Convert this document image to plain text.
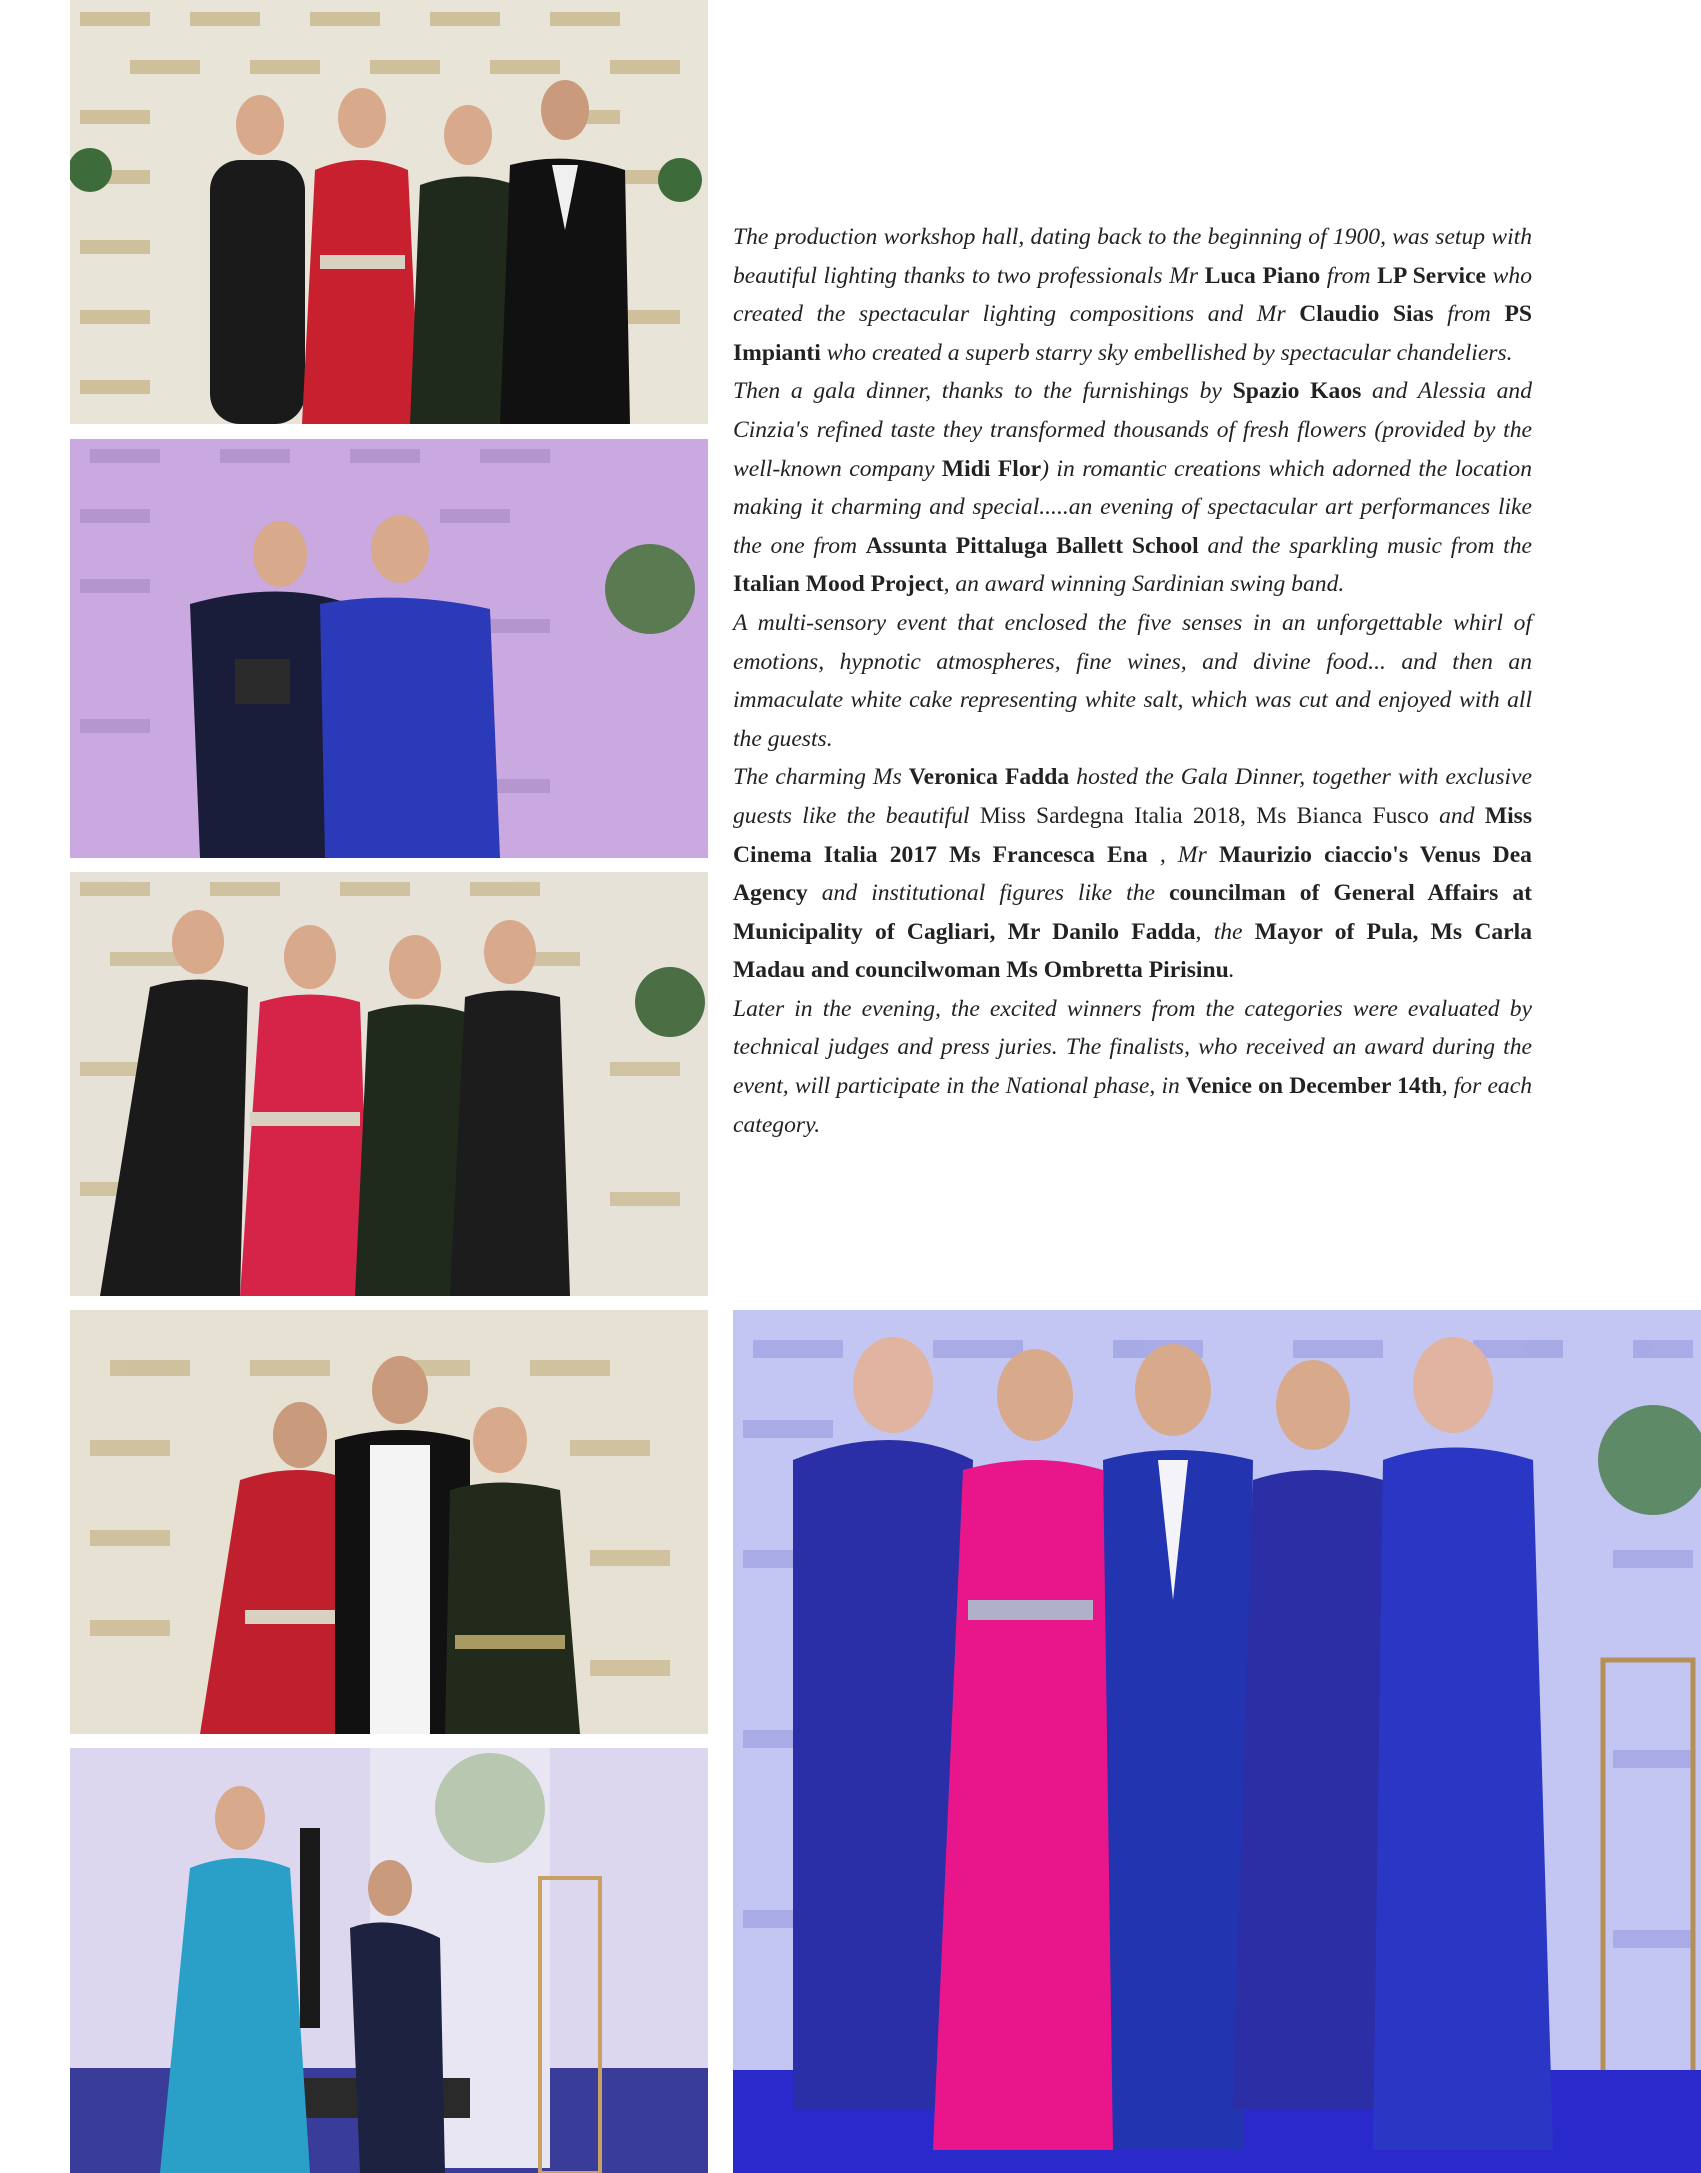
The production workshop hall, dating back to the beginning of 1900, was setup with beautiful lighting thanks to two professionals Mr Luca Piano from LP Service who created the spectacular lighting compositions and Mr Claudio Sias from PS Impianti who created a superb starry sky embellished by spectacular chandeliers.

Then a gala dinner, thanks to the furnishings by Spazio Kaos and Alessia and Cinzia's refined taste they transformed thousands of fresh flowers (provided by the well-known company Midi Flor) in romantic creations which adorned the location making it charming and special.....an evening of spectacular art performances like the one from Assunta Pittaluga Ballett School and the sparkling music from the Italian Mood Project, an award winning Sardinian swing band.

A multi-sensory event that enclosed the five senses in an unforgettable whirl of emotions, hypnotic atmospheres, fine wines, and divine food... and then an immaculate white cake representing white salt, which was cut and enjoyed with all the guests.

The charming Ms Veronica Fadda hosted the Gala Dinner, together with exclusive guests like the beautiful Miss Sardegna Italia 2018, Ms Bianca Fusco and Miss Cinema Italia 2017 Ms Francesca Ena , Mr Maurizio ciaccio's Venus Dea Agency and institutional figures like the councilman of General Affairs at Municipality of Cagliari, Mr Danilo Fadda, the Mayor of Pula, Ms Carla Madau and councilwoman Ms Ombretta Pirisinu.

Later in the evening, the excited winners from the categories were evaluated by technical judges and press juries. The finalists, who received an award during the event, will participate in the National phase, in Venice on December 14th, for each category.
